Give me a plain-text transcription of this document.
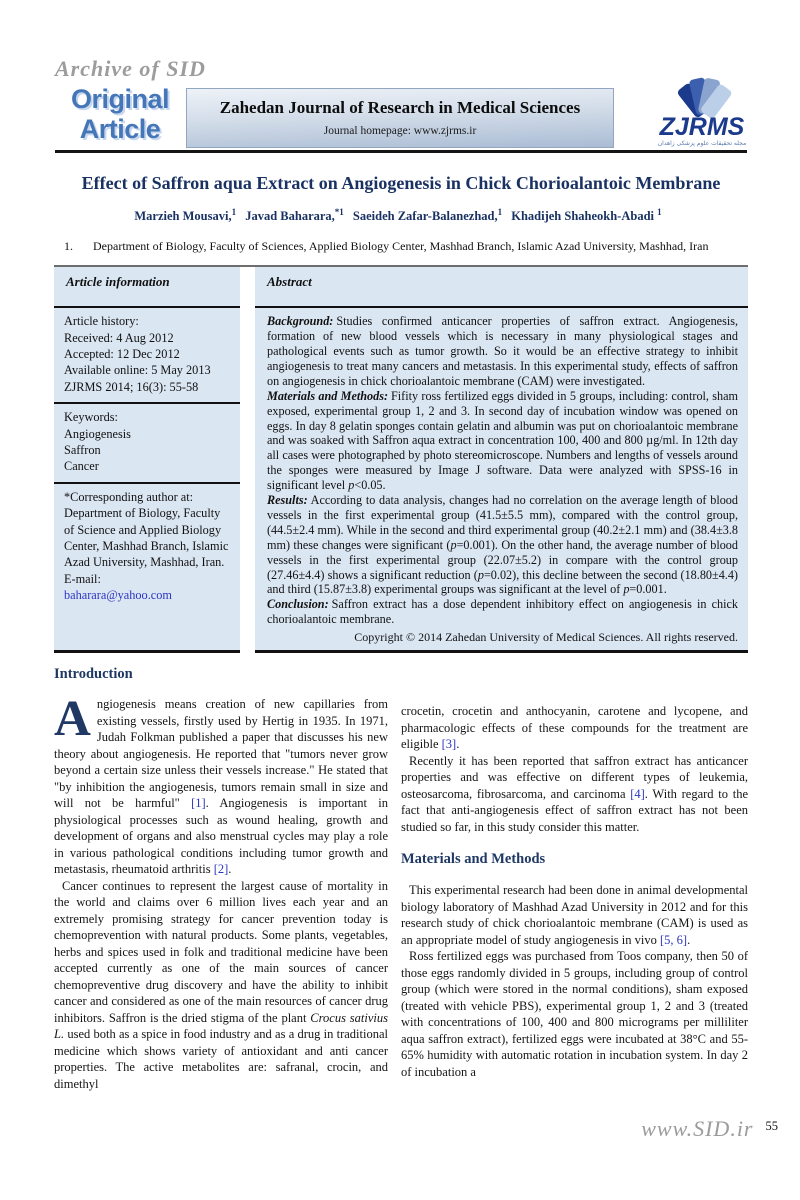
Archive of SID
Original
Article
Zahedan Journal of Research in Medical Sciences
Journal homepage: www.zjrms.ir	ZJRMS
مجله تحقیقات علوم پزشکی زاهدان
Effect of Saffron aqua Extract on Angiogenesis in Chick Chorioalantoic Membrane
Marzieh Mousavi,$^1$ Javad Baharara,$^{*1}$ Saeideh Zafar-Balanezhad,$^1$ Khadijeh Shaheokh-Abadi $^1$
1. Department of Biology, Faculty of Sciences, Applied Biology Center, Mashhad Branch, Islamic Azad University, Mashhad, Iran
Article information
Article history:
Received: 4 Aug 2012
Accepted: 12 Dec 2012
Available online: 5 May 2013
ZJRMS 2014; 16(3): 55-58
Keywords:
Angiogenesis
Saffron
Cancer
*Corresponding author at:
Department of Biology, Faculty of Science and Applied Biology Center, Mashhad Branch, Islamic Azad University, Mashhad, Iran.
E-mail:
baharara@yahoo.com
Abstract

Background: Studies confirmed anticancer properties of saffron extract. Angiogenesis, formation of new blood vessels which is necessary in many physiological stages and pathological events such as tumor growth. So it would be an effective strategy to inhibit angiogenesis to treat many cancers and metastasis. In this experimental study, effects of saffron on angiogenesis in chick chorioalantoic membrane (CAM) were investigated.

Materials and Methods: Fifity ross fertilized eggs divided in 5 groups, including: control, sham exposed, experimental group 1, 2 and 3. In second day of incubation window was opened on eggs. In day 8 gelatin sponges contain gelatin and albumin was put on chorioalantoic membrane and was soaked with Saffron aqua extract in concentration 100, 400 and 800 µg/ml. In 12th day all cases were photographed by photo stereomicroscope. Numbers and lengths of vessels around the sponges were measured by Image J software. Data were analyzed with SPSS-16 in significant level p<0.05.

Results: According to data analysis, changes had no correlation on the average length of blood vessels in the first experimental group (41.5±5.5 mm), compared with the control group, (44.5±2.4 mm). While in the second and third experimental group (40.2±2.1 mm) and (38.4±3.8 mm) these changes were significant (p=0.001). On the other hand, the average number of blood vessels in the first experimental group (22.07±5.2) in compare with the control group (27.46±4.4) shows a significant reduction (p=0.02), this decline between the second (18.80±4.4) and third (15.87±3.8) experimental groups was significant at the level of p=0.001.

Conclusion: Saffron extract has a dose dependent inhibitory effect on angiogenesis in chick chorioalantoic membrane.

Copyright © 2014 Zahedan University of Medical Sciences. All rights reserved.
Introduction

Angiogenesis means creation of new capillaries from existing vessels, firstly used by Hertig in 1935. In 1971, Judah Folkman published a paper that discusses his new theory about angiogenesis. He reported that "tumors never grow beyond a certain size unless their vessels increase." He stated that "by inhibition the angiogenesis, tumors remain small in size and will not be harmful" [1]. Angiogenesis is important in physiological processes such as wound healing, growth and development of organs and also menstrual cycles may play a role in various pathological conditions including tumor growth and metastasis, rheumatoid arthritis [2].

Cancer continues to represent the largest cause of mortality in the world and claims over 6 million lives each year and an extremely promising strategy for cancer prevention today is chemoprevention with natural products. Some plants, vegetables, herbs and spices used in folk and traditional medicine have been accepted currently as one of the main sources of cancer chemopreventive drug discovery and have the ability to inhibit cancer and considered as one of the main resources of cancer drug inhibitors. Saffron is the dried stigma of the plant Crocus sativius L. used both as a spice in food industry and as a drug in traditional medicine which shows variety of antioxidant and anti cancer properties. The active metabolites are: safranal, crocin, and dimethyl

crocetin, crocetin and anthocyanin, carotene and lycopene, and pharmacologic effects of these compounds for the treatment are eligible [3].

Recently it has been reported that saffron extract has anticancer properties and was effective on different types of leukemia, osteosarcoma, fibrosarcoma, and carcinoma [4]. With regard to the fact that anti-angiogenesis effect of saffron extract has not been studied so far, in this study consider this matter.

Materials and Methods

This experimental research had been done in animal developmental biology laboratory of Mashhad Azad University in 2012 and for this research study of chick chorioalantoic membrane (CAM) is used as an appropriate model of study angiogenesis in vivo [5, 6].

Ross fertilized eggs was purchased from Toos company, then 50 of those eggs randomly divided in 5 groups, including group of control group (which were stored in the normal conditions), sham exposed (treated with vehicle PBS), experimental group 1, 2 and 3 (treated with concentrations of 100, 400 and 800 micrograms per milliliter aqua saffron extract), fertilized eggs were incubated at 38°C and 55-65% humidity with automatic rotation in incubation system. In day 2 of incubation a

www.SID.ir $^{55}$
